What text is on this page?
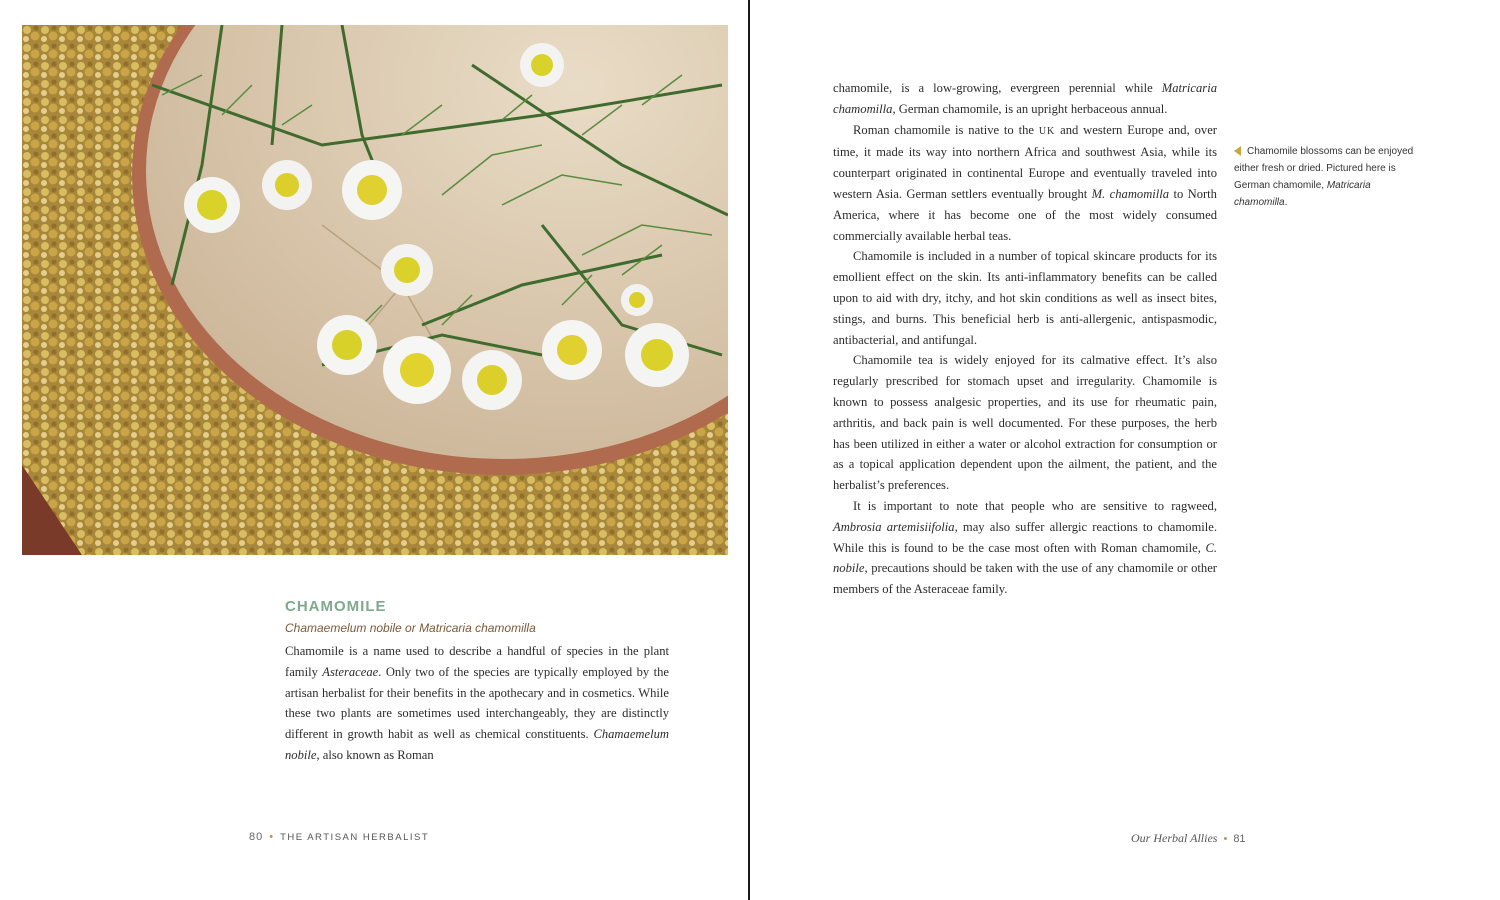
CHAMOMILE
Chamaemelum nobile or Matricaria chamomilla

Chamomile is a name used to describe a handful of species in the plant family Asteraceae. Only two of the species are typically employed by the artisan herbalist for their benefits in the apothecary and in cosmetics. While these two plants are sometimes used interchangeably, they are distinctly different in growth habit as well as chemical constituents. Chamaemelum nobile, also known as Roman

80 • THE ARTISAN HERBALIST

chamomile, is a low-growing, evergreen perennial while Matricaria chamomilla, German chamomile, is an upright herbaceous annual.

Roman chamomile is native to the UK and western Europe and, over time, it made its way into northern Africa and southwest Asia, while its counterpart originated in continental Europe and eventually traveled into western Asia. German settlers eventually brought M. chamomilla to North America, where it has become one of the most widely consumed commercially available herbal teas.

Chamomile is included in a number of topical skincare products for its emollient effect on the skin. Its anti-inflammatory benefits can be called upon to aid with dry, itchy, and hot skin conditions as well as insect bites, stings, and burns. This beneficial herb is anti-allergenic, antispasmodic, antibacterial, and antifungal.

Chamomile tea is widely enjoyed for its calmative effect. It’s also regularly prescribed for stomach upset and irregularity. Chamomile is known to possess analgesic properties, and its use for rheumatic pain, arthritis, and back pain is well documented. For these purposes, the herb has been utilized in either a water or alcohol extraction for consumption or as a topical application dependent upon the ailment, the patient, and the herbalist’s preferences.

It is important to note that people who are sensitive to ragweed, Ambrosia artemisiifolia, may also suffer allergic reactions to chamomile. While this is found to be the case most often with Roman chamomile, C. nobile, precautions should be taken with the use of any chamomile or other members of the Asteraceae family.

Chamomile blossoms can be enjoyed either fresh or dried. Pictured here is German chamomile, Matricaria chamomilla.
Our Herbal Allies • 81
